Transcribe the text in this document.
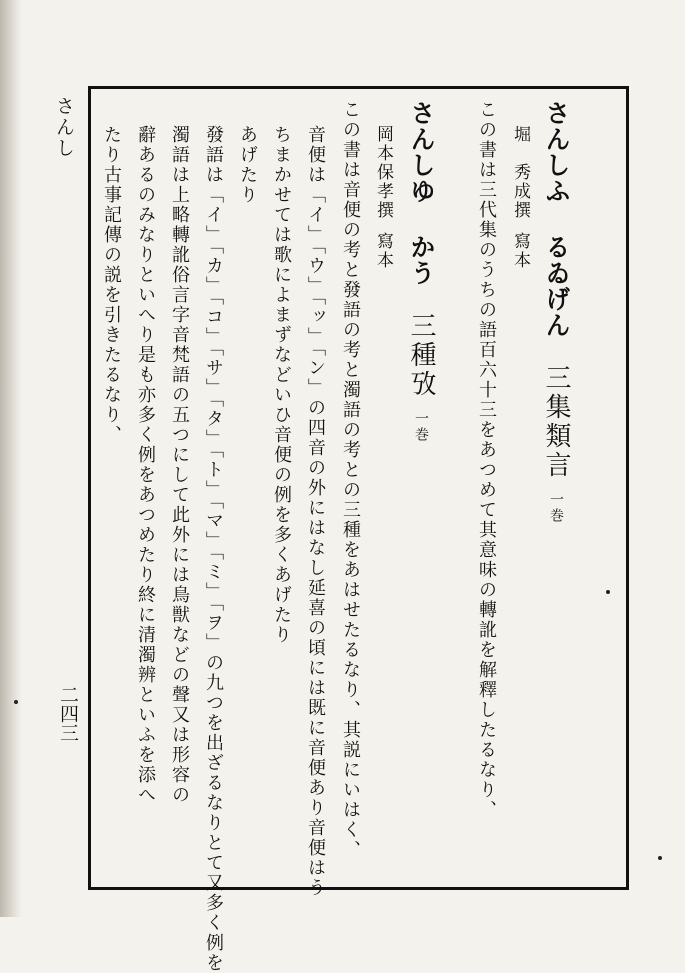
さんし
二四三
さんしふ るゐげん三集類言一巻
堀　秀成撰寫本
この書は三代集のうちの語百六十三をあつめて其意味の轉訛を解釋したるなり、
さんしゆ かう三種攷一巻
岡本保孝撰寫本
この書は音便の考と發語の考と濁語の考との三種をあはせたるなり、其説にいはく、
音便は「イ」「ウ」「ッ」「ン」の四音の外にはなし延喜の頃には既に音便あり音便はう
ちまかせては歌によまずなどいひ音便の例を多くあげたり
あげたり
發語は「イ」「カ」「コ」「サ」「タ」「ト」「マ」「ミ」「ヲ」の九つを出ざるなりとて又多く例を
濁語は上略轉訛俗言字音梵語の五つにして此外には鳥獣などの聲又は形容の
辭あるのみなりといへり是も亦多く例をあつめたり終に清濁辨といふを添へ
たり古事記傳の説を引きたるなり、
